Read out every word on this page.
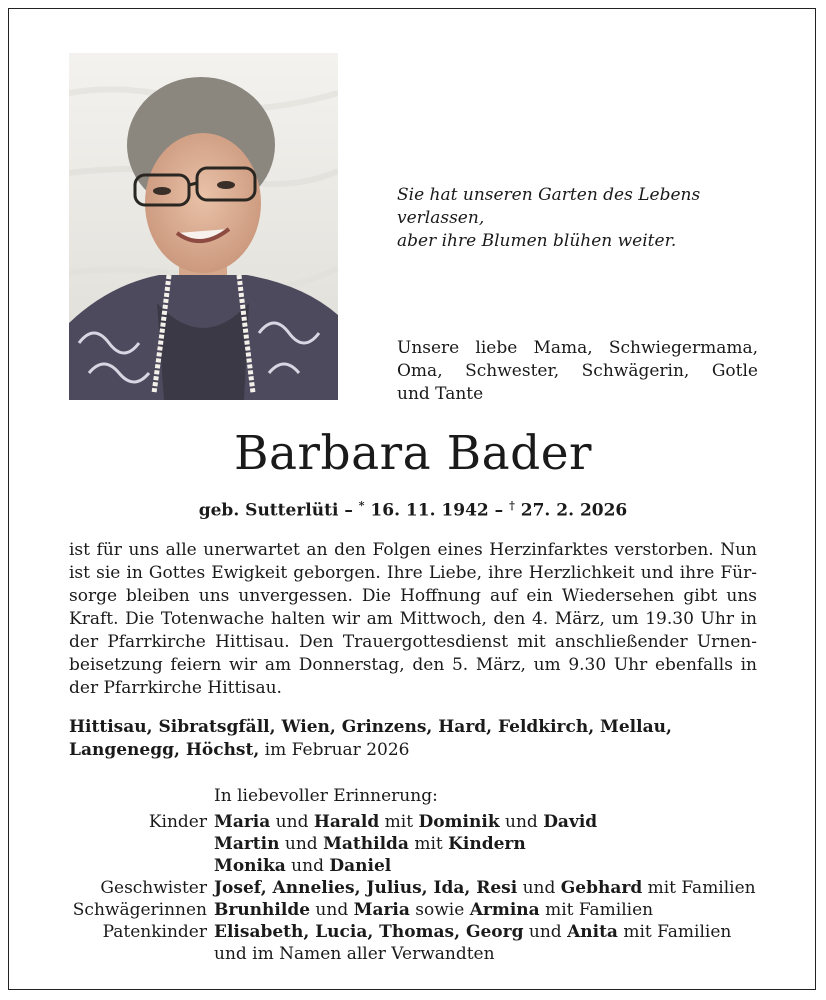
Sie hat unseren Garten des Lebens verlassen,
aber ihre Blumen blühen weiter.
Unsere liebe Mama, Schwiegermama,
Oma, Schwester, Schwägerin, Gotle
und Tante
Barbara Bader
geb. Sutterlüti – * 16. 11. 1942 – † 27. 2. 2026
ist für uns alle unerwartet an den Folgen eines Herzinfarktes verstorben. Nun
ist sie in Gottes Ewigkeit geborgen. Ihre Liebe, ihre Herzlichkeit und ihre Für-
sorge bleiben uns unvergessen. Die Hoffnung auf ein Wiedersehen gibt uns
Kraft. Die Totenwache halten wir am Mittwoch, den 4. März, um 19.30 Uhr in
der Pfarrkirche Hittisau. Den Trauergottesdienst mit anschließender Urnen-
beisetzung feiern wir am Donnerstag, den 5. März, um 9.30 Uhr ebenfalls in
der Pfarrkirche Hittisau.
Hittisau, Sibratsgfäll, Wien, Grinzens, Hard, Feldkirch, Mellau,
Langenegg, Höchst, im Februar 2026
In liebevoller Erinnerung:
Kinder Maria und Harald mit Dominik und David
Martin und Mathilda mit Kindern
Monika und Daniel
Geschwister Josef, Annelies, Julius, Ida, Resi und Gebhard mit Familien
Schwägerinnen Brunhilde und Maria sowie Armina mit Familien
Patenkinder Elisabeth, Lucia, Thomas, Georg und Anita mit Familien
und im Namen aller Verwandten
